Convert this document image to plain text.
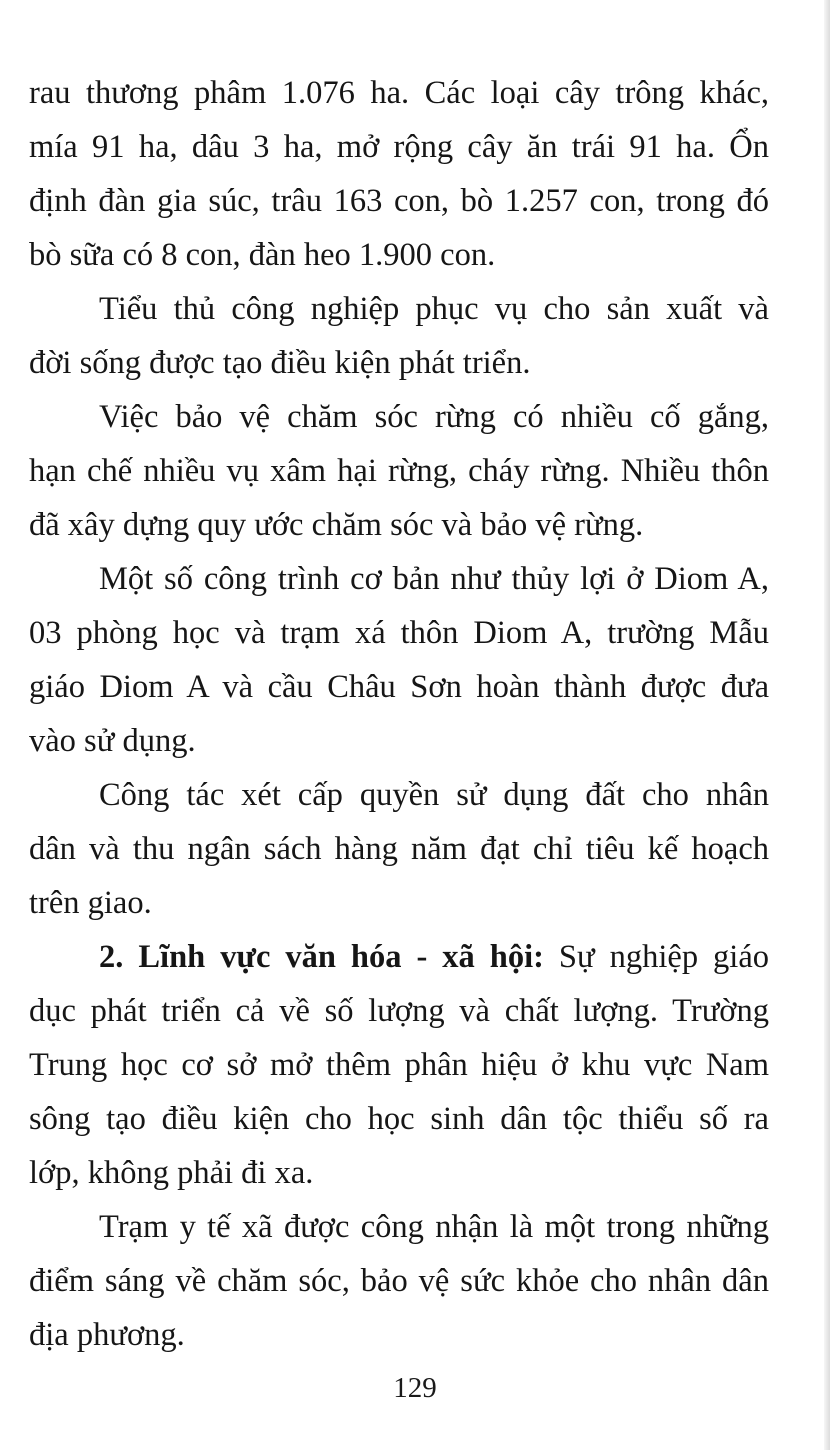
rau thương phâm 1.076 ha. Các loại cây trông khác,
mía 91 ha, dâu 3 ha, mở rộng cây ăn trái 91 ha. Ổn
định đàn gia súc, trâu 163 con, bò 1.257 con, trong đó
bò sữa có 8 con, đàn heo 1.900 con.
Tiểu thủ công nghiệp phục vụ cho sản xuất và
đời sống được tạo điều kiện phát triển.
Việc bảo vệ chăm sóc rừng có nhiều cố gắng,
hạn chế nhiều vụ xâm hại rừng, cháy rừng. Nhiều thôn
đã xây dựng quy ước chăm sóc và bảo vệ rừng.
Một số công trình cơ bản như thủy lợi ở Diom A,
03 phòng học và trạm xá thôn Diom A, trường Mẫu
giáo Diom A và cầu Châu Sơn hoàn thành được đưa
vào sử dụng.
Công tác xét cấp quyền sử dụng đất cho nhân
dân và thu ngân sách hàng năm đạt chỉ tiêu kế hoạch
trên giao.
2. Lĩnh vực văn hóa - xã hội: Sự nghiệp giáo
dục phát triển cả về số lượng và chất lượng. Trường
Trung học cơ sở mở thêm phân hiệu ở khu vực Nam
sông tạo điều kiện cho học sinh dân tộc thiểu số ra
lớp, không phải đi xa.
Trạm y tế xã được công nhận là một trong những
điểm sáng về chăm sóc, bảo vệ sức khỏe cho nhân dân
địa phương.
129
